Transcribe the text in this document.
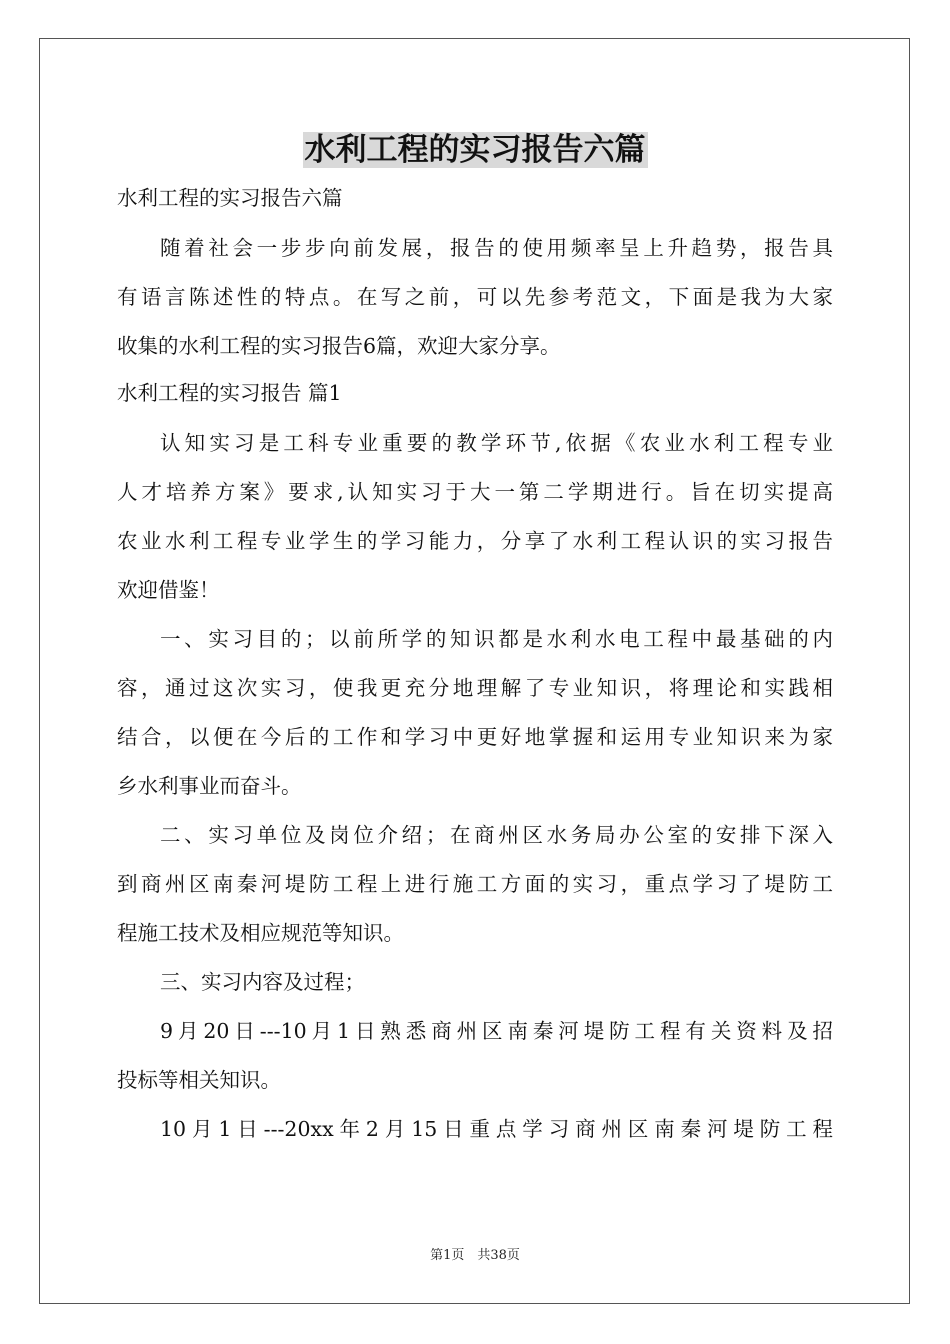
水利工程的实习报告六篇
水利工程的实习报告六篇
随着社会一步步向前发展，报告的使用频率呈上升趋势，报告具
有语言陈述性的特点。在写之前，可以先参考范文，下面是我为大家
收集的水利工程的实习报告6篇，欢迎大家分享。
水利工程的实习报告 篇1
认知实习是工科专业重要的教学环节,依据《农业水利工程专业
人才培养方案》要求,认知实习于大一第二学期进行。旨在切实提高
农业水利工程专业学生的学习能力，分享了水利工程认识的实习报告
欢迎借鉴！
一、实习目的；以前所学的知识都是水利水电工程中最基础的内
容，通过这次实习，使我更充分地理解了专业知识，将理论和实践相
结合，以便在今后的工作和学习中更好地掌握和运用专业知识来为家
乡水利事业而奋斗。
二、实习单位及岗位介绍；在商州区水务局办公室的安排下深入
到商州区南秦河堤防工程上进行施工方面的实习，重点学习了堤防工
程施工技术及相应规范等知识。
三、实习内容及过程；
9月20日---10月1日熟悉商州区南秦河堤防工程有关资料及招
投标等相关知识。
10月1日---20xx年2月15日重点学习商州区南秦河堤防工程
第1页　共38页
